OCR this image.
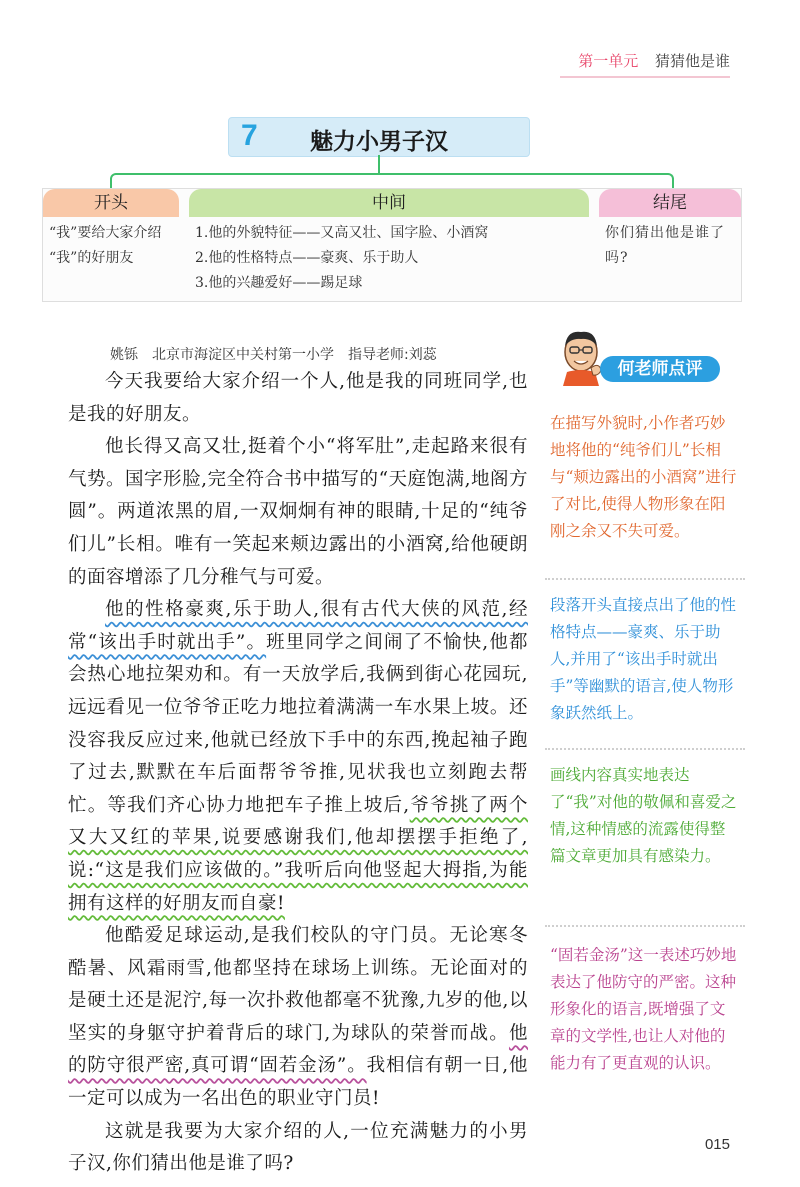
第一单元 猜猜他是谁
7	魅力小男子汉
开头
“我”要给大家介绍
“我”的好朋友
中间
1.他的外貌特征——又高又壮、国字脸、小酒窝
2.他的性格特点——豪爽、乐于助人
3.他的兴趣爱好——踢足球
结尾
你们猜出他是谁了吗?
姚铄　北京市海淀区中关村第一小学　指导老师:刘蕊

今天我要给大家介绍一个人,他是我的同班同学,也是我的好朋友。

他长得又高又壮,挺着个小“将军肚”,走起路来很有气势。国字形脸,完全符合书中描写的“天庭饱满,地阁方圆”。两道浓黑的眉,一双炯炯有神的眼睛,十足的“纯爷们儿”长相。唯有一笑起来颊边露出的小酒窝,给他硬朗的面容增添了几分稚气与可爱。

他的性格豪爽,乐于助人,很有古代大侠的风范,经常“该出手时就出手”。班里同学之间闹了不愉快,他都会热心地拉架劝和。有一天放学后,我俩到街心花园玩,远远看见一位爷爷正吃力地拉着满满一车水果上坡。还没容我反应过来,他就已经放下手中的东西,挽起袖子跑了过去,默默在车后面帮爷爷推,见状我也立刻跑去帮忙。等我们齐心协力地把车子推上坡后,爷爷挑了两个又大又红的苹果,说要感谢我们,他却摆摆手拒绝了,说:“这是我们应该做的。”我听后向他竖起大拇指,为能拥有这样的好朋友而自豪!

他酷爱足球运动,是我们校队的守门员。无论寒冬酷暑、风霜雨雪,他都坚持在球场上训练。无论面对的是硬土还是泥泞,每一次扑救他都毫不犹豫,九岁的他,以坚实的身躯守护着背后的球门,为球队的荣誉而战。他的防守很严密,真可谓“固若金汤”。我相信有朝一日,他一定可以成为一名出色的职业守门员!

这就是我要为大家介绍的人,一位充满魅力的小男子汉,你们猜出他是谁了吗?

何老师点评
在描写外貌时,小作者巧妙地将他的“纯爷们儿”长相与“颊边露出的小酒窝”进行了对比,使得人物形象在阳刚之余又不失可爱。
段落开头直接点出了他的性格特点——豪爽、乐于助人,并用了“该出手时就出手”等幽默的语言,使人物形象跃然纸上。
画线内容真实地表达了“我”对他的敬佩和喜爱之情,这种情感的流露使得整篇文章更加具有感染力。
“固若金汤”这一表述巧妙地表达了他防守的严密。这种形象化的语言,既增强了文章的文学性,也让人对他的能力有了更直观的认识。
015
